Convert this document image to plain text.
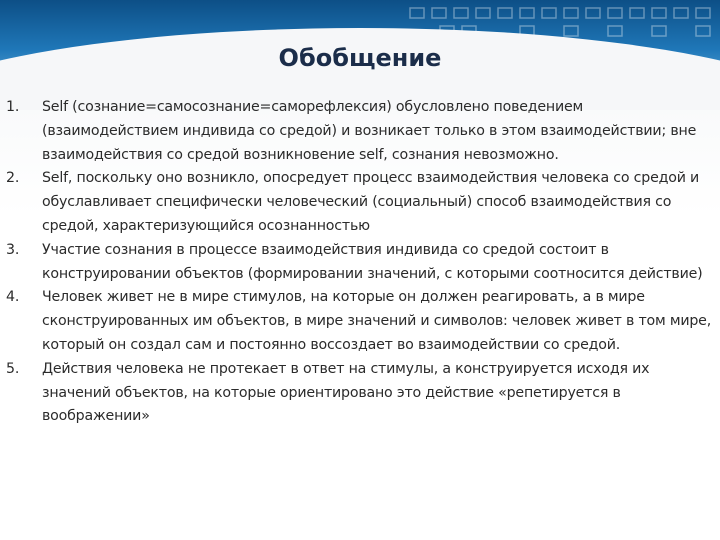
Обобщение
1. Self (сознание=самосознание=саморефлексия) обусловлено поведением (взаимодействием индивида со средой) и возникает только в этом взаимодействии; вне взаимодействия со средой возникновение self, сознания невозможно.
2. Self, поскольку оно возникло, опосредует процесс взаимодействия человека со средой и обуславливает специфически человеческий (социальный) способ взаимодействия со средой, характеризующийся осознанностью
3. Участие сознания в процессе взаимодействия индивида со средой состоит в конструировании объектов (формировании значений, с которыми соотносится действие)
4. Человек живет не в мире стимулов, на которые он должен реагировать, а в мире сконструированных им объектов, в мире значений и символов: человек живет в том мире, который он создал сам и постоянно воссоздает во взаимодействии со средой.
5. Действия человека не протекает в ответ на стимулы, а конструируется исходя их значений объектов, на которые ориентировано это действие «репетируется в воображении»
